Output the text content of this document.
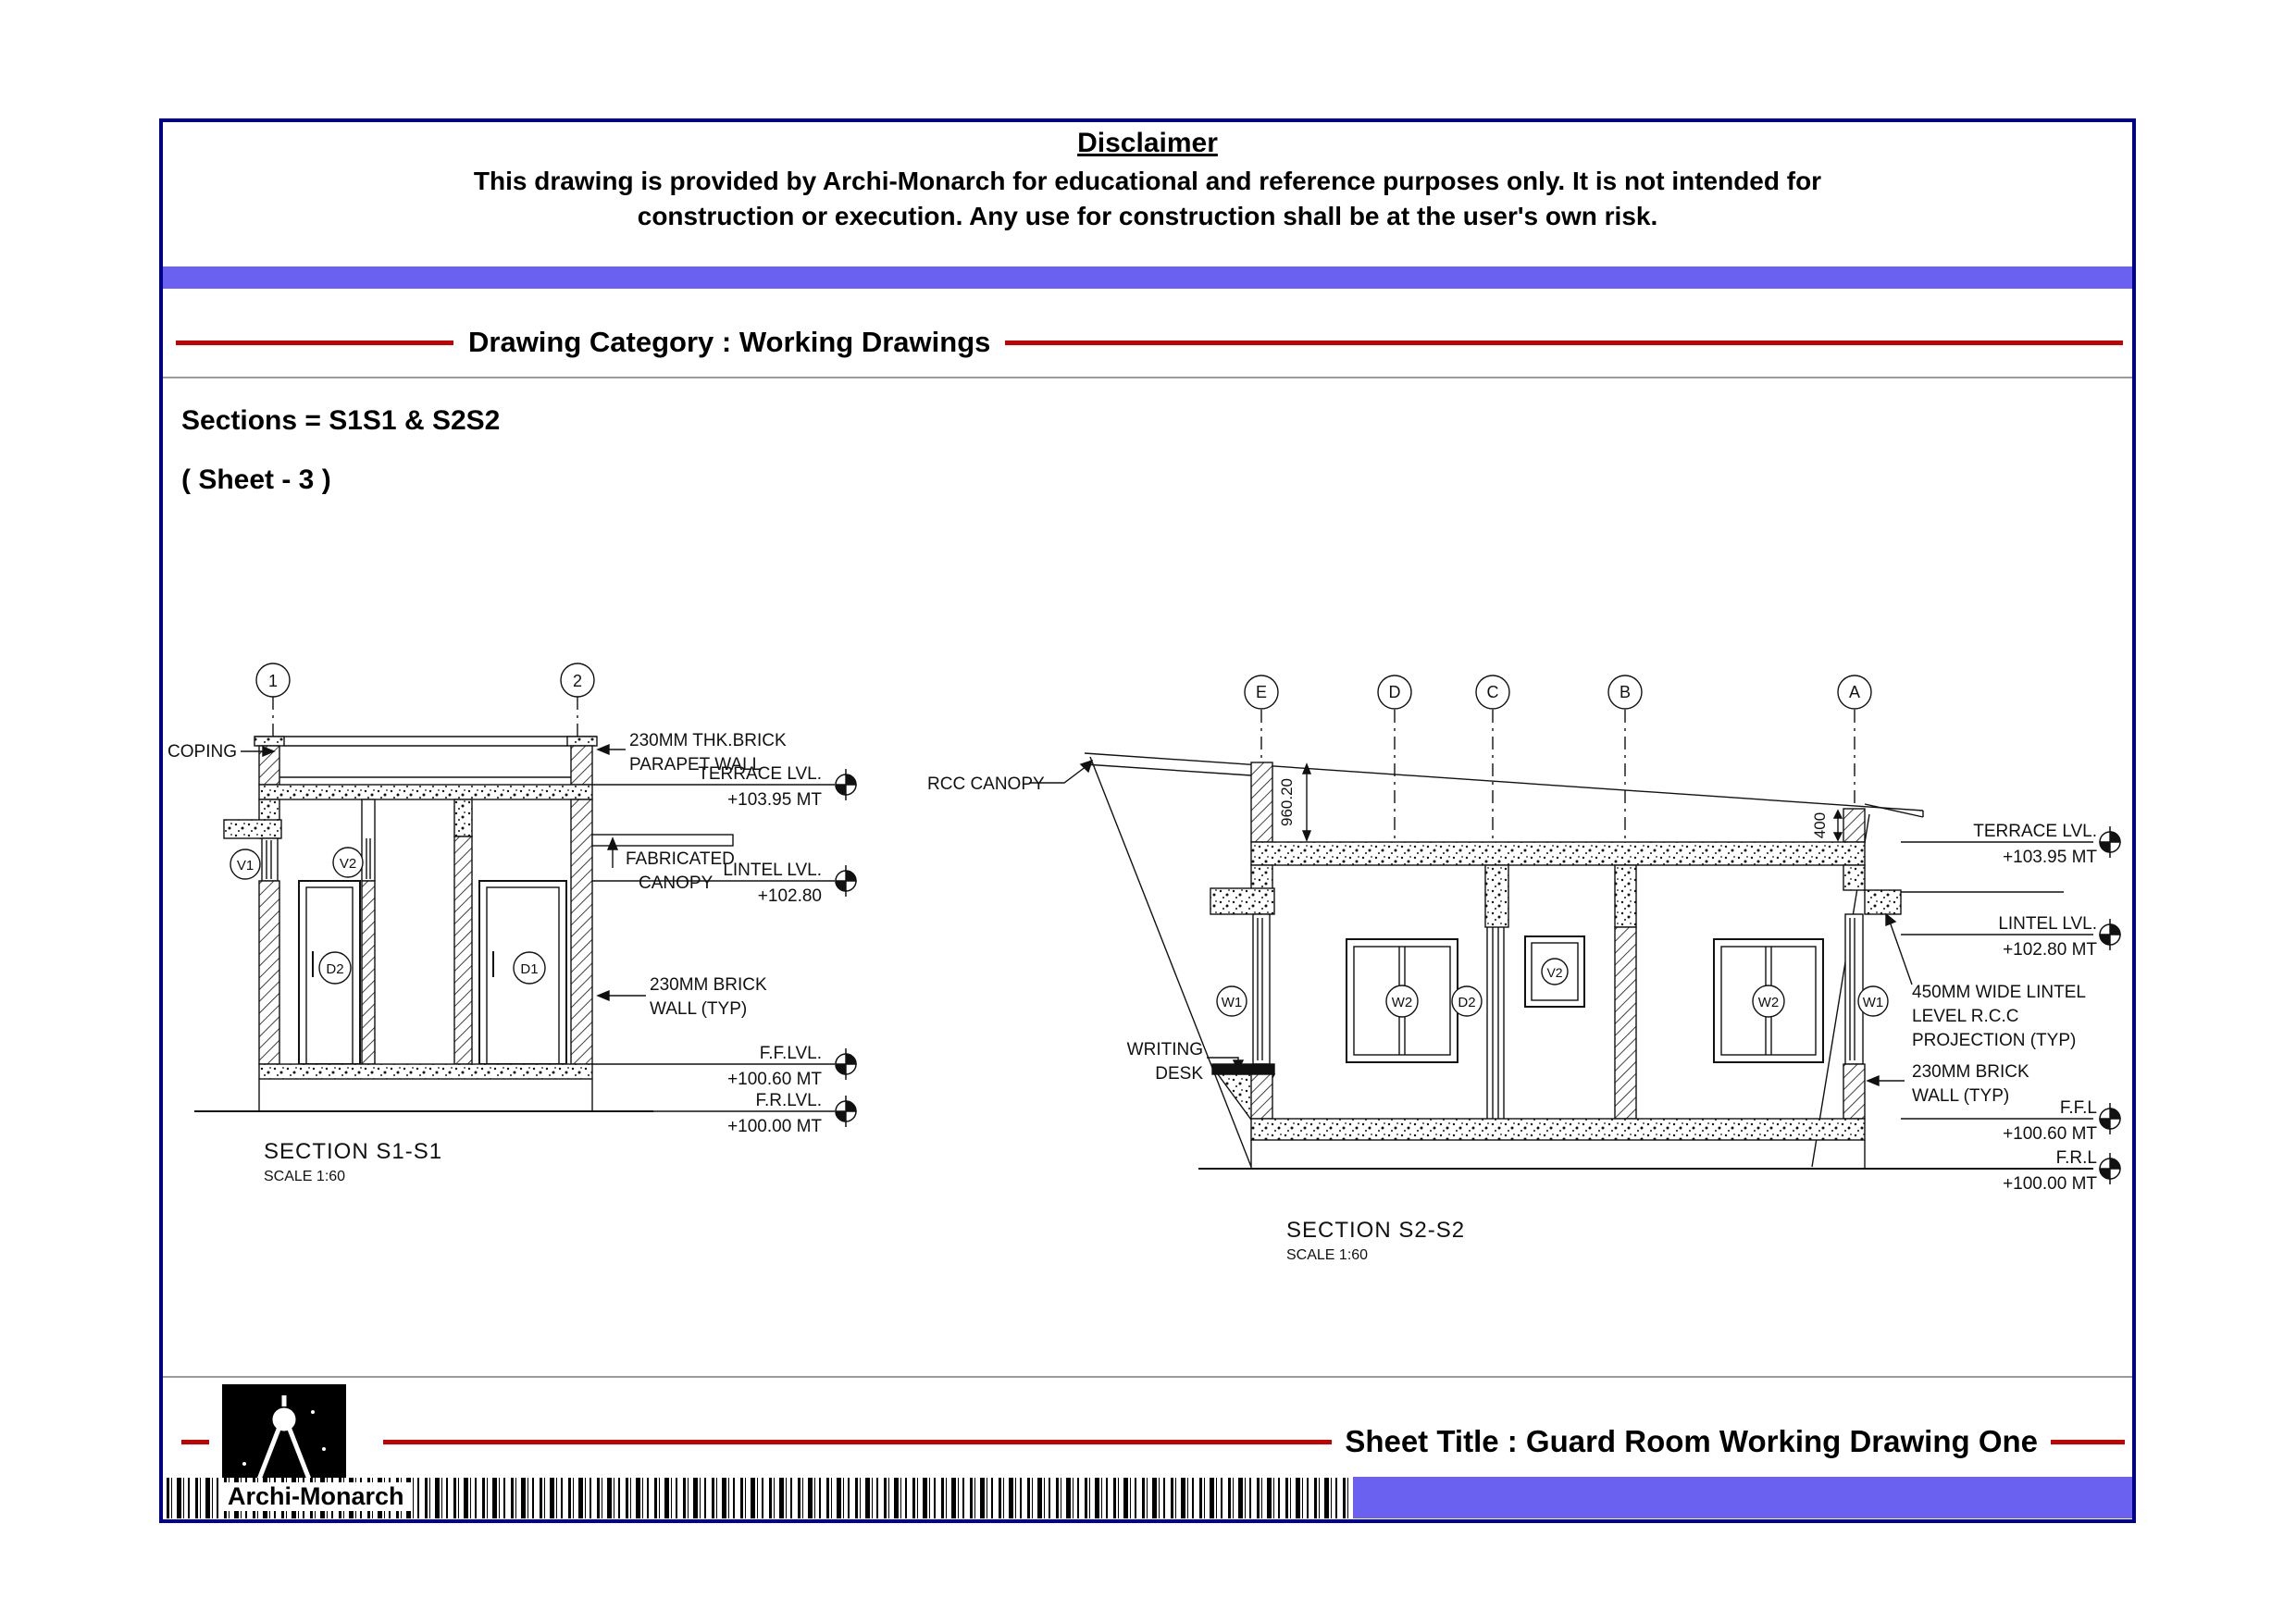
Disclaimer
This drawing is provided by Archi-Monarch for educational and reference purposes only. It is not intended for
construction or execution. Any use for construction shall be at the user's own risk.
Drawing Category : Working Drawings
Sections = S1S1 & S2S2
( Sheet - 3 )
1	2
V1	V2
D2	D1
COPING
230MM THK.BRICK
PARAPET WALL
FABRICATED
CANOPY
230MM BRICK
WALL (TYP)
TERRACE LVL.
+103.95 MT
LINTEL LVL.
+102.80
F.F.LVL.
+100.60 MT
F.R.LVL.
+100.00 MT
SECTION S1-S1
SCALE 1:60
E	D	C	B	A
RCC CANOPY	960.20	400
WRITING
DESK
450MM WIDE LINTEL
LEVEL R.C.C
PROJECTION (TYP)
230MM BRICK
WALL (TYP)
W1	W2	D2
V2
W2	W1
TERRACE LVL.
+103.95 MT
LINTEL LVL.
+102.80 MT
F.F.L
+100.60 MT
F.R.L
+100.00 MT
SECTION S2-S2
SCALE 1:60
Sheet Title : Guard Room Working Drawing One
Archi-Monarch
